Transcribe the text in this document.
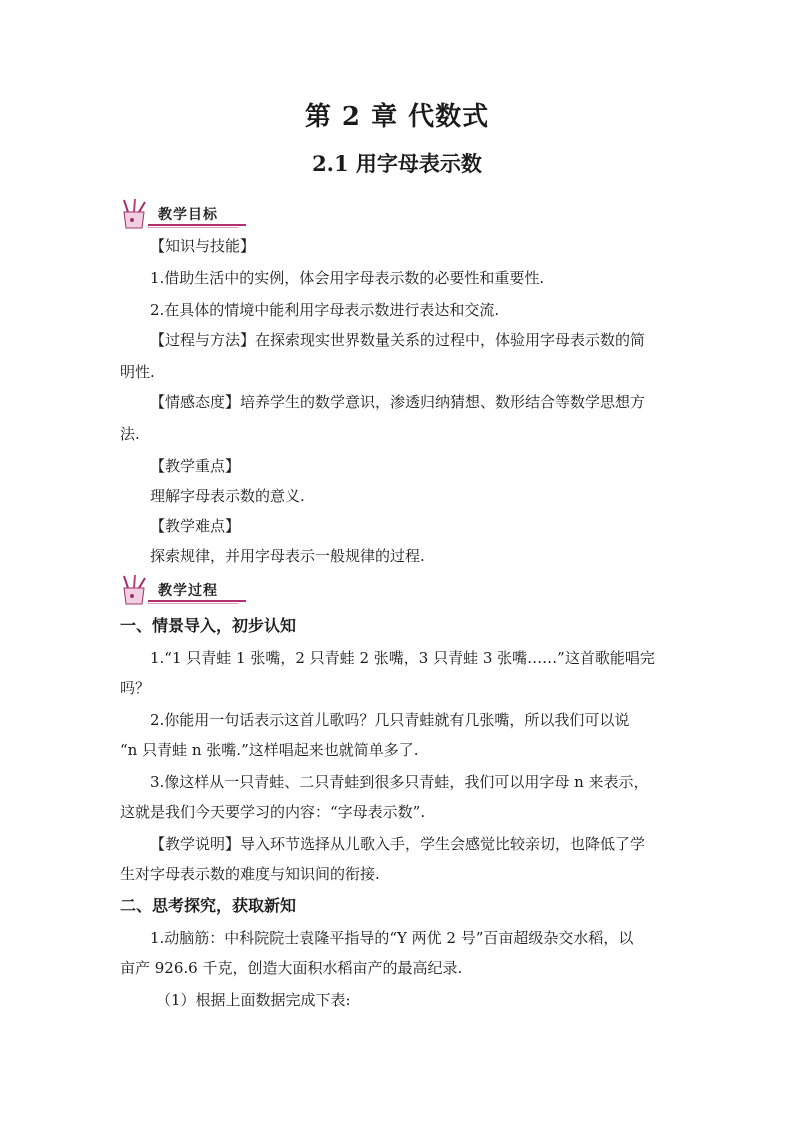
第 2 章 代数式
2.1 用字母表示数
教学目标
【知识与技能】
1.借助生活中的实例，体会用字母表示数的必要性和重要性.
2.在具体的情境中能利用字母表示数进行表达和交流.
【过程与方法】在探索现实世界数量关系的过程中，体验用字母表示数的简
明性.
【情感态度】培养学生的数学意识，渗透归纳猜想、数形结合等数学思想方
法.
【教学重点】
理解字母表示数的意义.
【教学难点】
探索规律，并用字母表示一般规律的过程.
教学过程
一、情景导入，初步认知
1.“1 只青蛙 1 张嘴，2 只青蛙 2 张嘴，3 只青蛙 3 张嘴……”这首歌能唱完
吗？
2.你能用一句话表示这首儿歌吗？几只青蛙就有几张嘴，所以我们可以说
“n 只青蛙 n 张嘴.”这样唱起来也就简单多了.
3.像这样从一只青蛙、二只青蛙到很多只青蛙，我们可以用字母 n 来表示，
这就是我们今天要学习的内容：“字母表示数”.
【教学说明】导入环节选择从儿歌入手，学生会感觉比较亲切，也降低了学
生对字母表示数的难度与知识间的衔接.
二、思考探究，获取新知
1.动脑筋：中科院院士袁隆平指导的“Y 两优 2 号”百亩超级杂交水稻，以
亩产 926.6 千克，创造大面积水稻亩产的最高纪录.
（1）根据上面数据完成下表:
